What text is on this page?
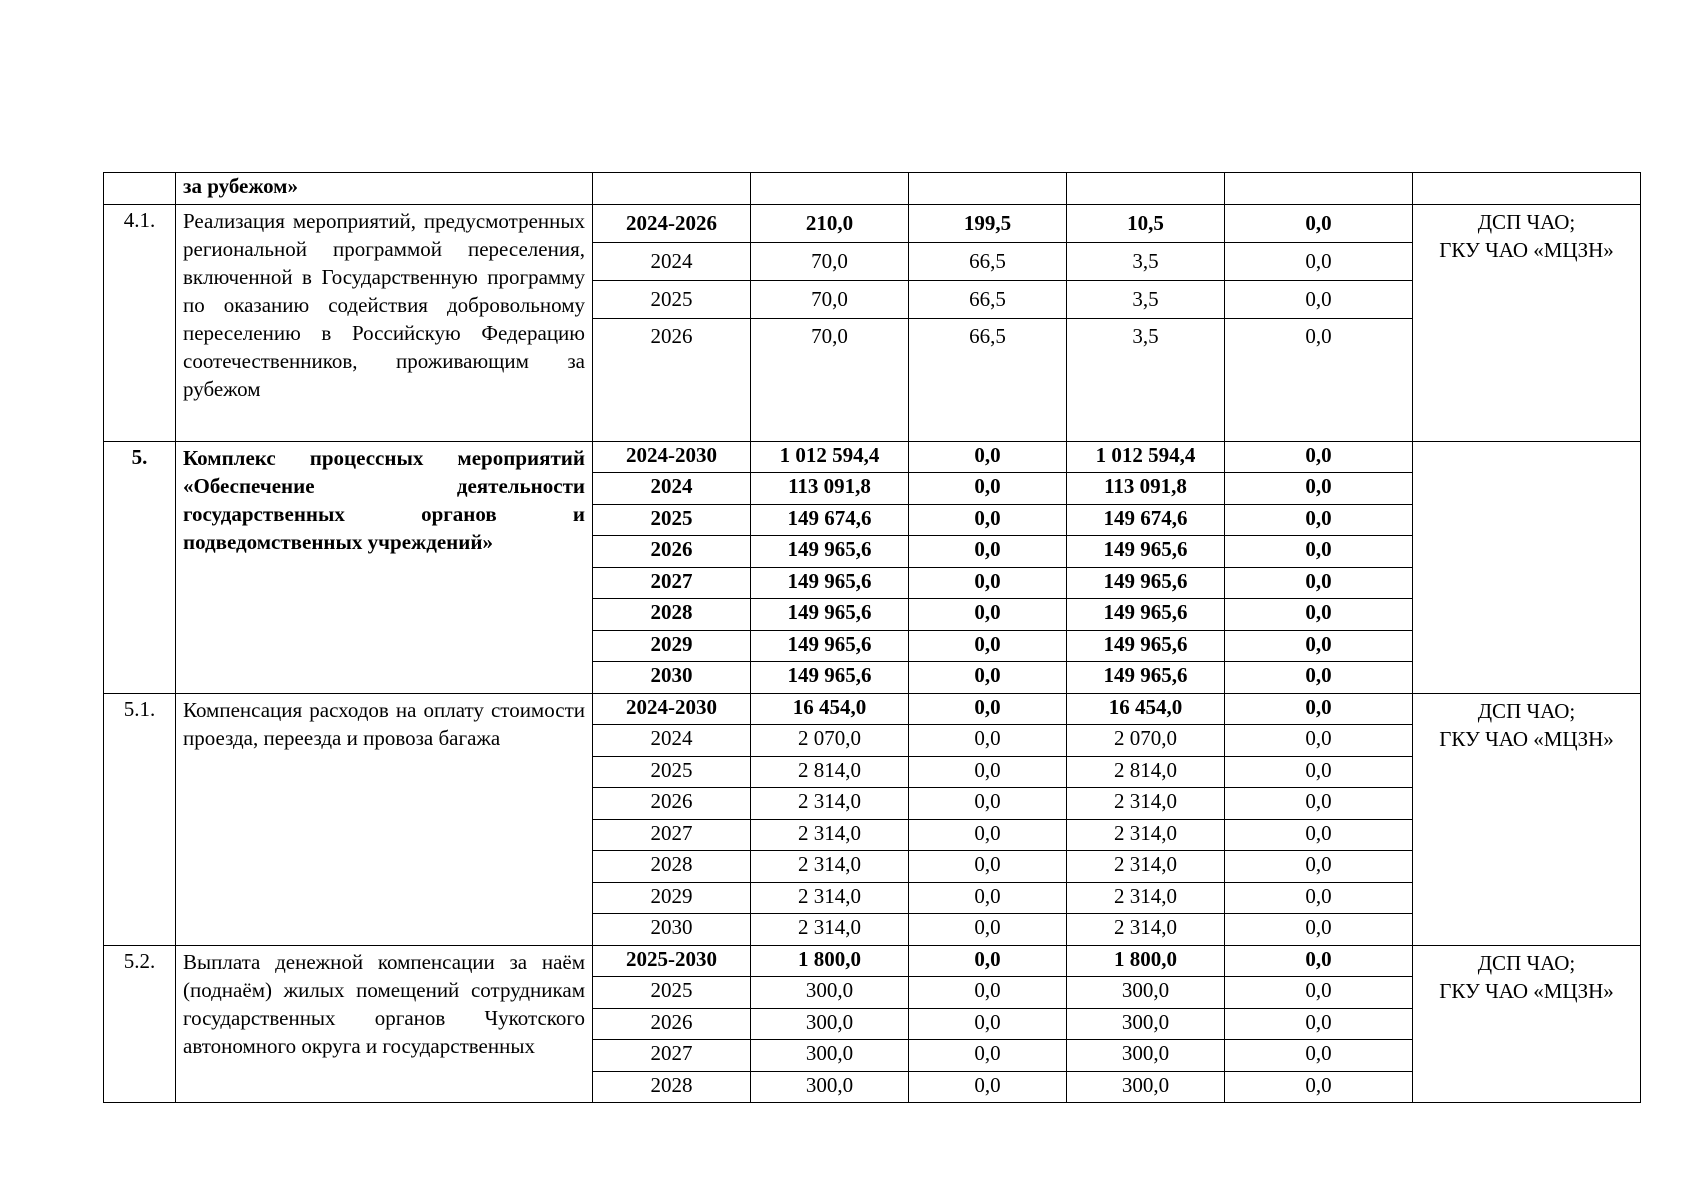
	за рубежом»						
4.1.	Реализация мероприятий, предусмотренных региональной программой переселения, включенной в Государственную программу по оказанию содействия добровольному переселению в Российскую Федерацию соотечественников, проживающим за рубежом	2024-2026	210,0	199,5	10,5	0,0	ДСП ЧАО;
ГКУ ЧАО «МЦЗН»
		2024	70,0	66,5	3,5	0,0	
		2025	70,0	66,5	3,5	0,0	
		2026	70,0	66,5	3,5	0,0	
5.	Комплекс процессных мероприятий «Обеспечение деятельности государственных органов и подведомственных учреждений»	2024-2030	1 012 594,4	0,0	1 012 594,4	0,0	
		2024	113 091,8	0,0	113 091,8	0,0	
		2025	149 674,6	0,0	149 674,6	0,0	
		2026	149 965,6	0,0	149 965,6	0,0	
		2027	149 965,6	0,0	149 965,6	0,0	
		2028	149 965,6	0,0	149 965,6	0,0	
		2029	149 965,6	0,0	149 965,6	0,0	
		2030	149 965,6	0,0	149 965,6	0,0	
5.1.	Компенсация расходов на оплату стоимости проезда, переезда и провоза багажа	2024-2030	16 454,0	0,0	16 454,0	0,0	ДСП ЧАО;
ГКУ ЧАО «МЦЗН»
		2024	2 070,0	0,0	2 070,0	0,0	
		2025	2 814,0	0,0	2 814,0	0,0	
		2026	2 314,0	0,0	2 314,0	0,0	
		2027	2 314,0	0,0	2 314,0	0,0	
		2028	2 314,0	0,0	2 314,0	0,0	
		2029	2 314,0	0,0	2 314,0	0,0	
		2030	2 314,0	0,0	2 314,0	0,0	
5.2.	Выплата денежной компенсации за наём (поднаём) жилых помещений сотрудникам государственных органов Чукотского автономного округа и государственных	2025-2030	1 800,0	0,0	1 800,0	0,0	ДСП ЧАО;
ГКУ ЧАО «МЦЗН»
		2025	300,0	0,0	300,0	0,0	
		2026	300,0	0,0	300,0	0,0	
		2027	300,0	0,0	300,0	0,0	
		2028	300,0	0,0	300,0	0,0	
